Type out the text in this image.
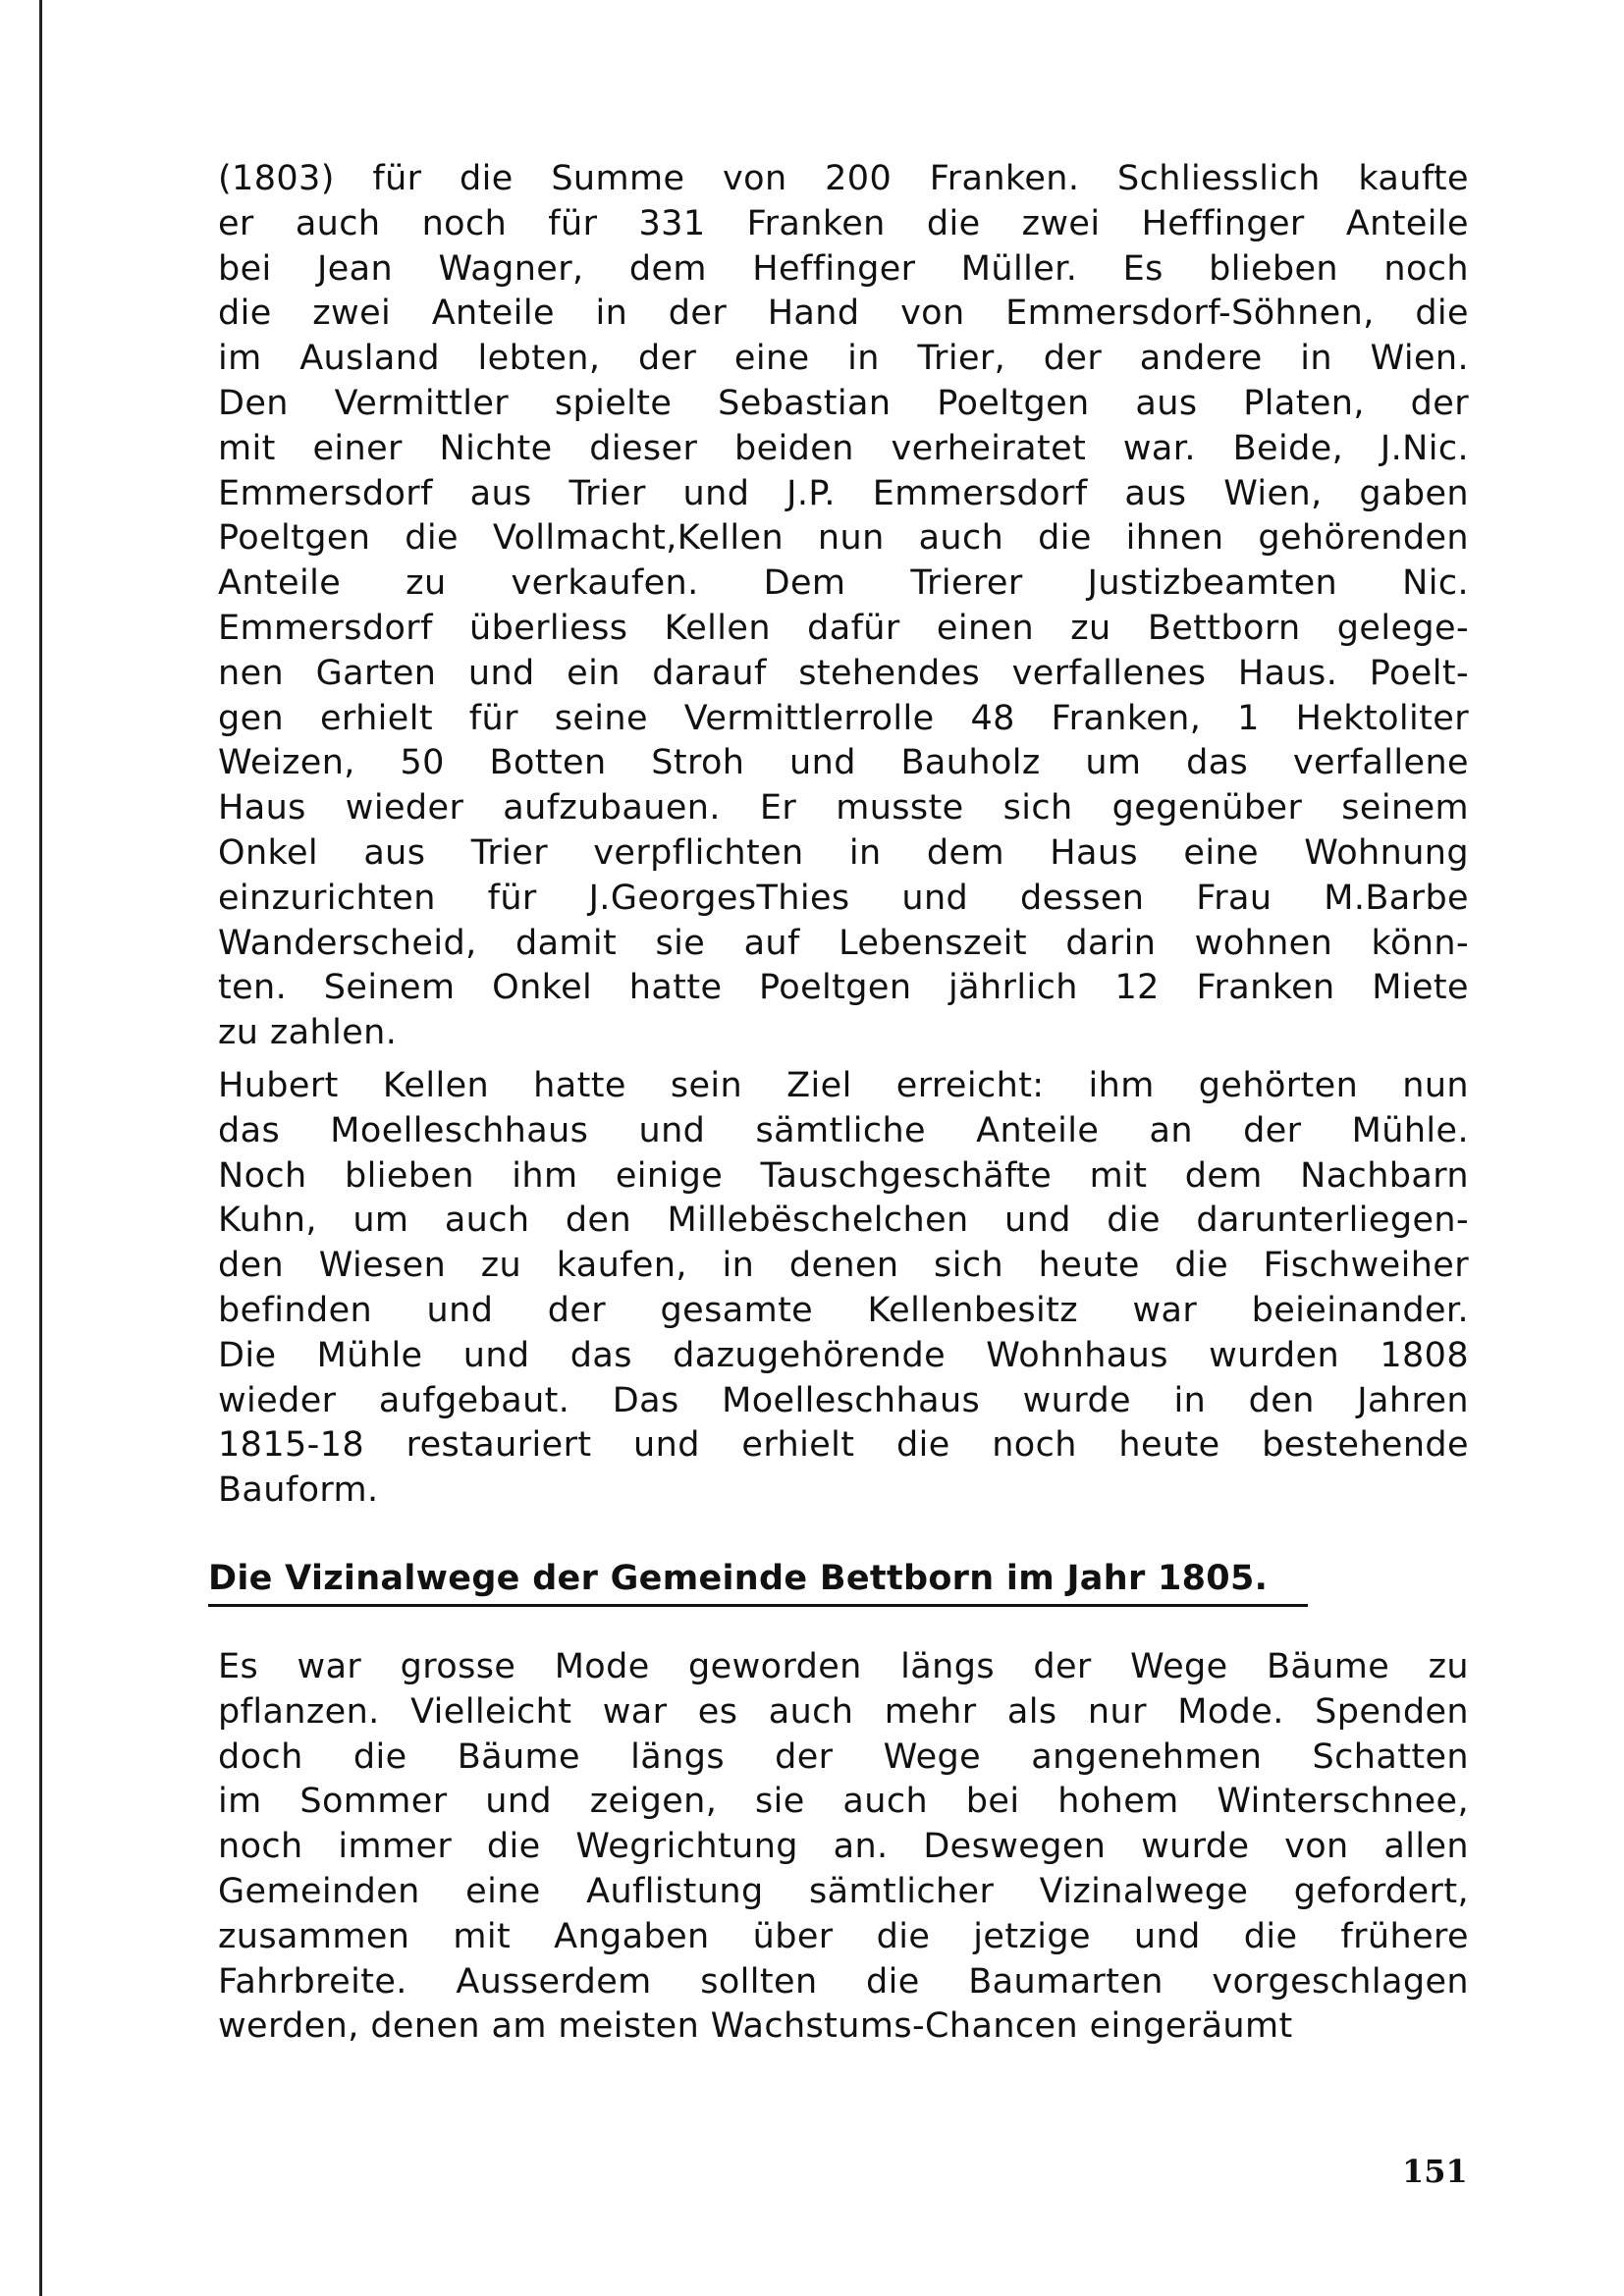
(1803) für die Summe von 200 Franken. Schliesslich kaufte
er auch noch für 331 Franken die zwei Heffinger Anteile
bei Jean Wagner, dem Heffinger Müller. Es blieben noch
die zwei Anteile in der Hand von Emmersdorf-Söhnen, die
im Ausland lebten, der eine in Trier, der andere in Wien.
Den Vermittler spielte Sebastian Poeltgen aus Platen, der
mit einer Nichte dieser beiden verheiratet war. Beide, J.Nic.
Emmersdorf aus Trier und J.P. Emmersdorf aus Wien, gaben
Poeltgen die Vollmacht,Kellen nun auch die ihnen gehörenden
Anteile zu verkaufen. Dem Trierer Justizbeamten Nic.
Emmersdorf überliess Kellen dafür einen zu Bettborn gelege-
nen Garten und ein darauf stehendes verfallenes Haus. Poelt-
gen erhielt für seine Vermittlerrolle 48 Franken, 1 Hektoliter
Weizen, 50 Botten Stroh und Bauholz um das verfallene
Haus wieder aufzubauen. Er musste sich gegenüber seinem
Onkel aus Trier verpflichten in dem Haus eine Wohnung
einzurichten für J.GeorgesThies und dessen Frau M.Barbe
Wanderscheid, damit sie auf Lebenszeit darin wohnen könn-
ten. Seinem Onkel hatte Poeltgen jährlich 12 Franken Miete
zu zahlen.
Hubert Kellen hatte sein Ziel erreicht: ihm gehörten nun
das Moelleschhaus und sämtliche Anteile an der Mühle.
Noch blieben ihm einige Tauschgeschäfte mit dem Nachbarn
Kuhn, um auch den Millebëschelchen und die darunterliegen-
den Wiesen zu kaufen, in denen sich heute die Fischweiher
befinden und der gesamte Kellenbesitz war beieinander.
Die Mühle und das dazugehörende Wohnhaus wurden 1808
wieder aufgebaut. Das Moelleschhaus wurde in den Jahren
1815-18 restauriert und erhielt die noch heute bestehende
Bauform.
Die Vizinalwege der Gemeinde Bettborn im Jahr 1805.
Es war grosse Mode geworden längs der Wege Bäume zu
pflanzen. Vielleicht war es auch mehr als nur Mode. Spenden
doch die Bäume längs der Wege angenehmen Schatten
im Sommer und zeigen, sie auch bei hohem Winterschnee,
noch immer die Wegrichtung an. Deswegen wurde von allen
Gemeinden eine Auflistung sämtlicher Vizinalwege gefordert,
zusammen mit Angaben über die jetzige und die frühere
Fahrbreite. Ausserdem sollten die Baumarten vorgeschlagen
werden, denen am meisten Wachstums-Chancen eingeräumt
151
